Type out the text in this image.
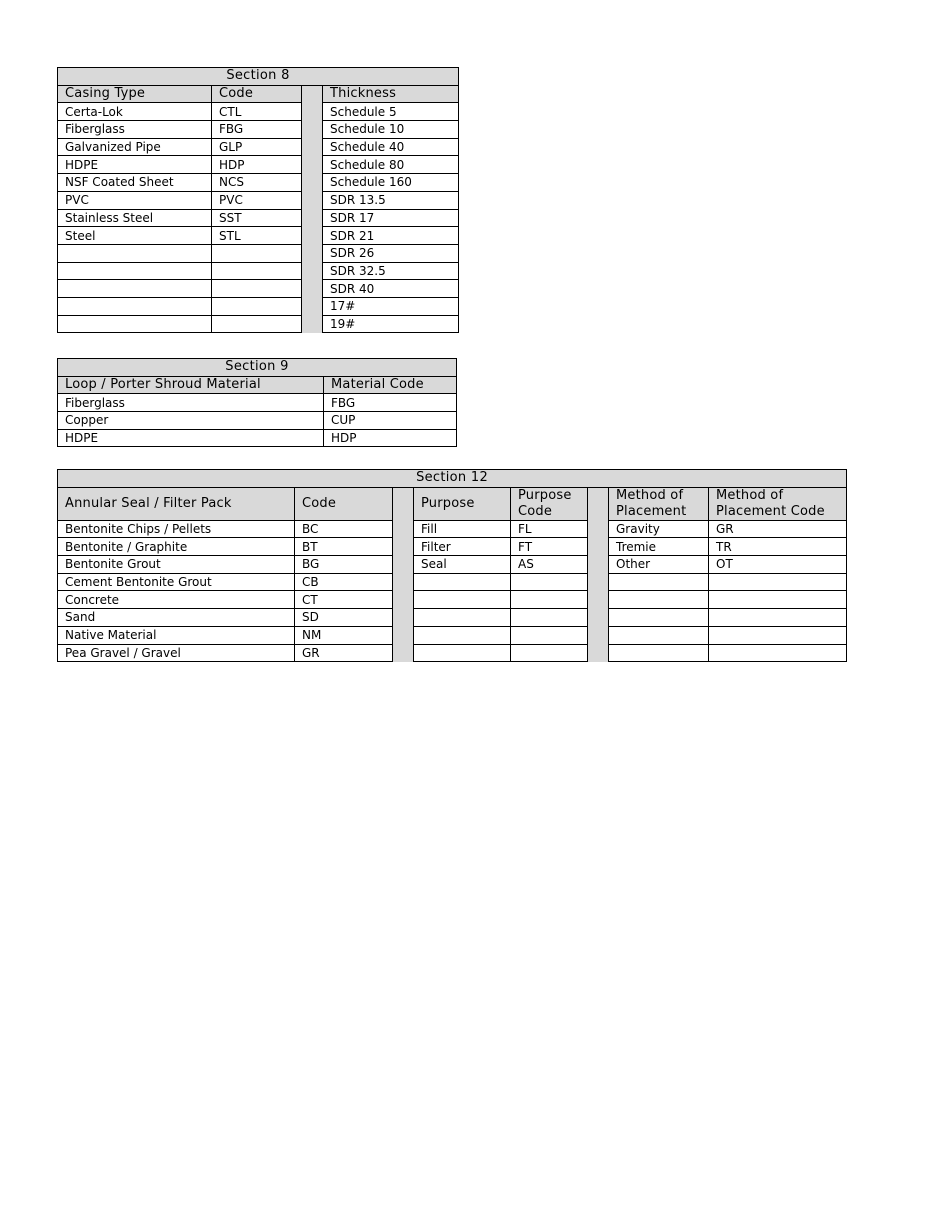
Section 8			
Casing Type	Code		Thickness
Certa-Lok	CTL		Schedule 5
Fiberglass	FBG		Schedule 10
Galvanized Pipe	GLP		Schedule 40
HDPE	HDP		Schedule 80
NSF Coated Sheet	NCS		Schedule 160
PVC	PVC		SDR 13.5
Stainless Steel	SST		SDR 17
Steel	STL		SDR 21
			SDR 26
			SDR 32.5
			SDR 40
			17#
			19#
Section 9	
Loop / Porter Shroud Material	Material Code
Fiberglass	FBG
Copper	CUP
HDPE	HDP
Section 12							
Annular Seal / Filter Pack	Code		Purpose	Purpose Code		Method of Placement	Method of Placement Code
Bentonite Chips / Pellets	BC		Fill	FL		Gravity	GR
Bentonite / Graphite	BT		Filter	FT		Tremie	TR
Bentonite Grout	BG		Seal	AS		Other	OT
Cement Bentonite Grout	CB						
Concrete	CT						
Sand	SD						
Native Material	NM						
Pea Gravel / Gravel	GR						
